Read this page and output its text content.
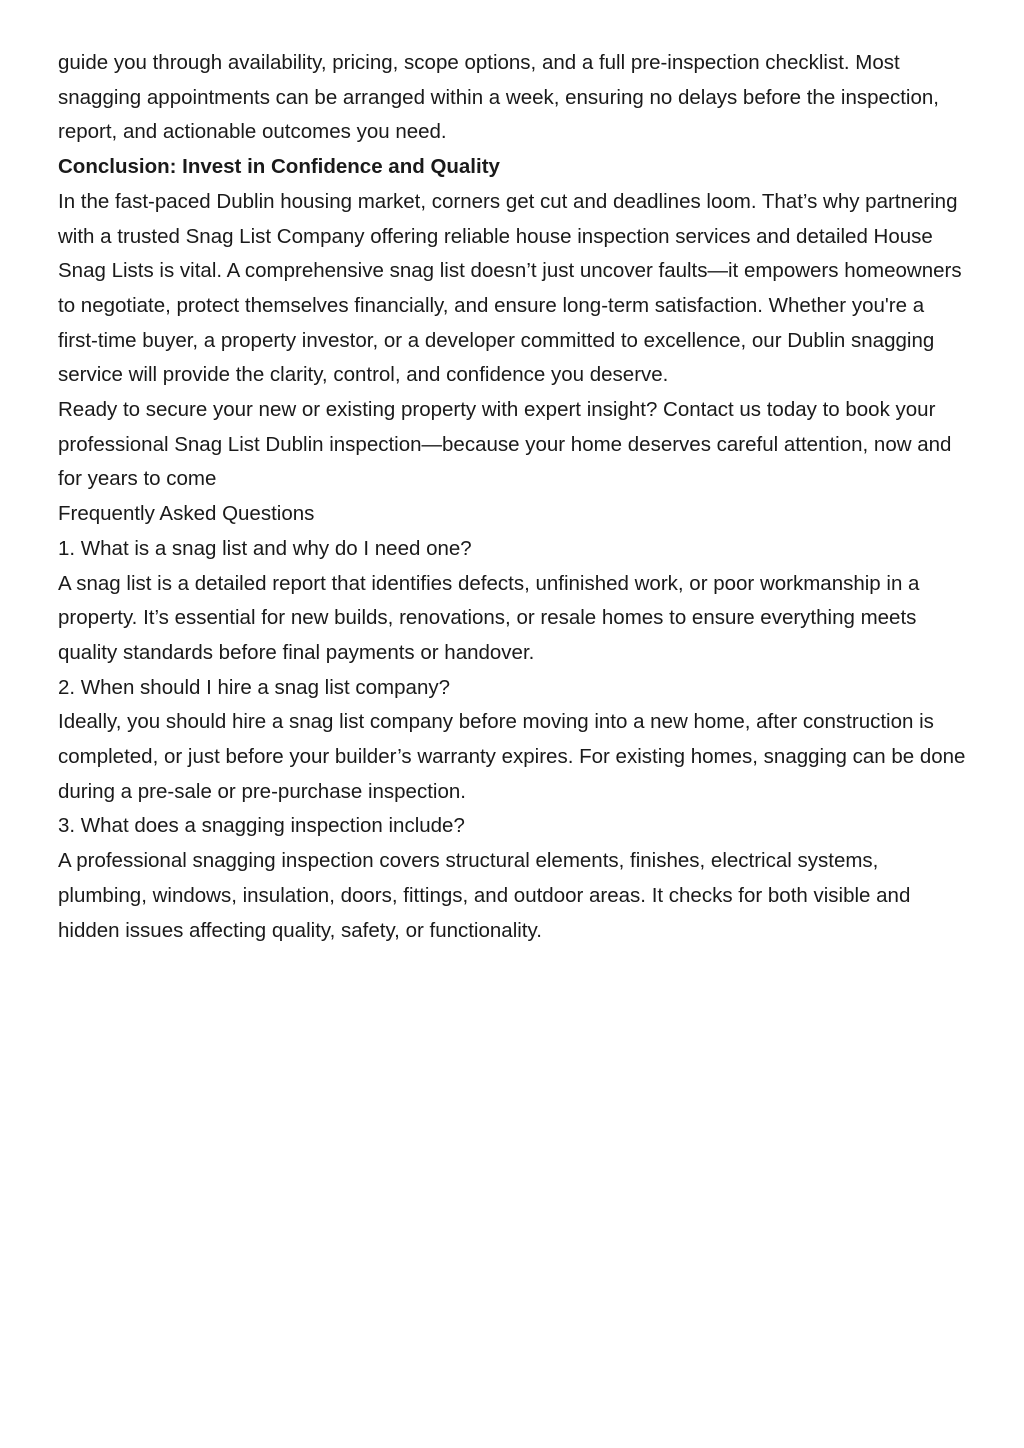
guide you through availability, pricing, scope options, and a full pre-inspection checklist. Most snagging appointments can be arranged within a week, ensuring no delays before the inspection, report, and actionable outcomes you need.

Conclusion: Invest in Confidence and Quality

In the fast-paced Dublin housing market, corners get cut and deadlines loom. That’s why partnering with a trusted Snag List Company offering reliable house inspection services and detailed House Snag Lists is vital. A comprehensive snag list doesn’t just uncover faults—it empowers homeowners to negotiate, protect themselves financially, and ensure long-term satisfaction. Whether you're a first-time buyer, a property investor, or a developer committed to excellence, our Dublin snagging service will provide the clarity, control, and confidence you deserve.

Ready to secure your new or existing property with expert insight? Contact us today to book your professional Snag List Dublin inspection—because your home deserves careful attention, now and for years to come

Frequently Asked Questions

1. What is a snag list and why do I need one?

A snag list is a detailed report that identifies defects, unfinished work, or poor workmanship in a property. It’s essential for new builds, renovations, or resale homes to ensure everything meets quality standards before final payments or handover.

2. When should I hire a snag list company?

Ideally, you should hire a snag list company before moving into a new home, after construction is completed, or just before your builder’s warranty expires. For existing homes, snagging can be done during a pre-sale or pre-purchase inspection.

3. What does a snagging inspection include?

A professional snagging inspection covers structural elements, finishes, electrical systems, plumbing, windows, insulation, doors, fittings, and outdoor areas. It checks for both visible and hidden issues affecting quality, safety, or functionality.
